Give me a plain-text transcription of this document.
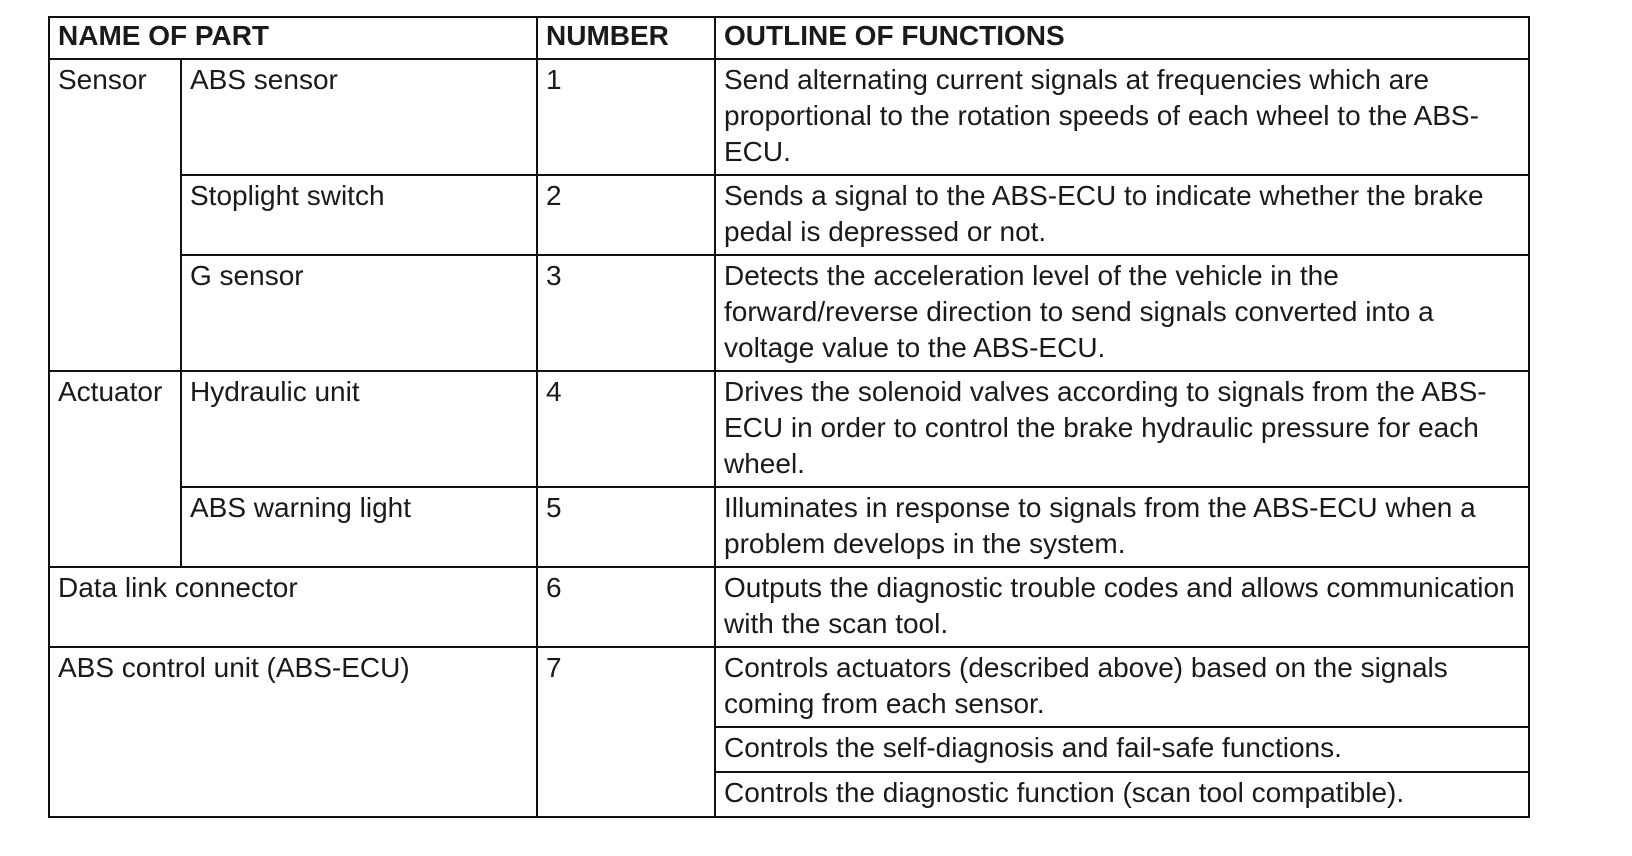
NAME OF PART		NUMBER	OUTLINE OF FUNCTIONS
Sensor	ABS sensor	1	Send alternating current signals at frequencies which are proportional to the rotation speeds of each wheel to the ABS-ECU.
	Stoplight switch	2	Sends a signal to the ABS-ECU to indicate whether the brake pedal is depressed or not.
	G sensor	3	Detects the acceleration level of the vehicle in the forward/reverse direction to send signals converted into a voltage value to the ABS-ECU.
Actuator	Hydraulic unit	4	Drives the solenoid valves according to signals from the ABS-ECU in order to control the brake hydraulic pressure for each wheel.
	ABS warning light	5	Illuminates in response to signals from the ABS-ECU when a problem develops in the system.
Data link connector		6	Outputs the diagnostic trouble codes and allows communication with the scan tool.
ABS control unit (ABS-ECU)		7	Controls actuators (described above) based on the signals coming from each sensor.
			Controls the self-diagnosis and fail-safe functions.
			Controls the diagnostic function (scan tool compatible).
